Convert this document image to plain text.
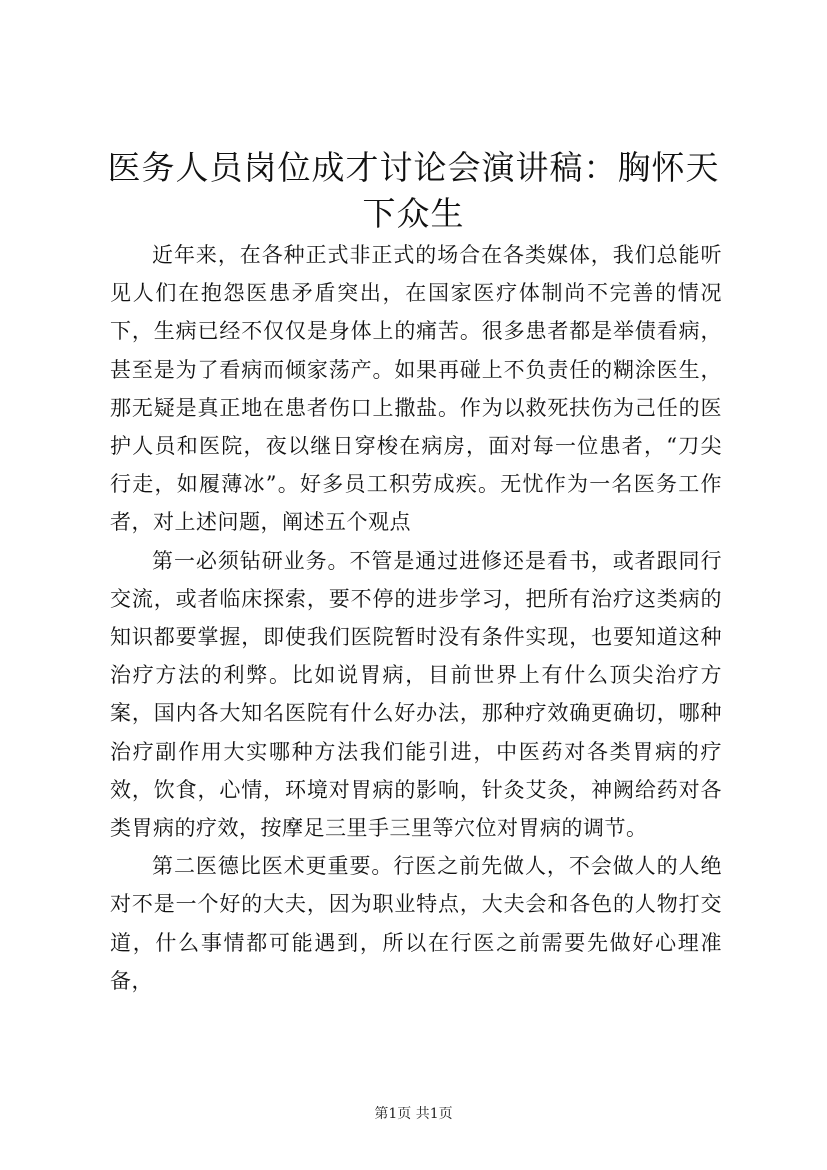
医务人员岗位成才讨论会演讲稿：胸怀天下众生

近年来，在各种正式非正式的场合在各类媒体，我们总能听见人们在抱怨医患矛盾突出，在国家医疗体制尚不完善的情况下，生病已经不仅仅是身体上的痛苦。很多患者都是举债看病，甚至是为了看病而倾家荡产。如果再碰上不负责任的糊涂医生，那无疑是真正地在患者伤口上撒盐。作为以救死扶伤为己任的医护人员和医院，夜以继日穿梭在病房，面对每一位患者，“刀尖行走，如履薄冰”。好多员工积劳成疾。无忧作为一名医务工作者，对上述问题，阐述五个观点

第一必须钻研业务。不管是通过进修还是看书，或者跟同行交流，或者临床探索，要不停的进步学习，把所有治疗这类病的知识都要掌握，即使我们医院暂时没有条件实现，也要知道这种治疗方法的利弊。比如说胃病，目前世界上有什么顶尖治疗方案，国内各大知名医院有什么好办法，那种疗效确更确切，哪种治疗副作用大实哪种方法我们能引进，中医药对各类胃病的疗效，饮食，心情，环境对胃病的影响，针灸艾灸，神阙给药对各类胃病的疗效，按摩足三里手三里等穴位对胃病的调节。

第二医德比医术更重要。行医之前先做人，不会做人的人绝对不是一个好的大夫，因为职业特点，大夫会和各色的人物打交道，什么事情都可能遇到，所以在行医之前需要先做好心理准备，

第1页 共1页
